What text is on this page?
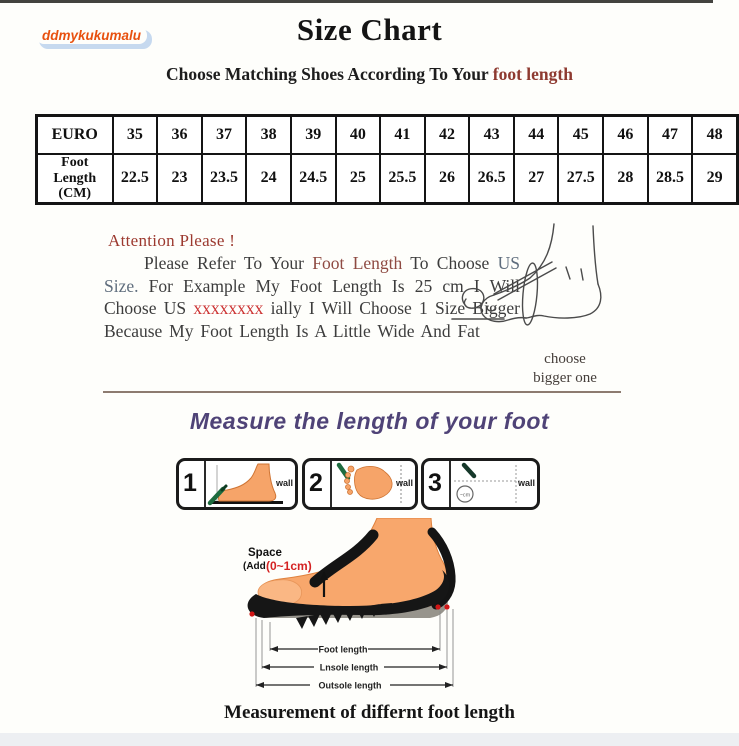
ddmykukumalu	Size Chart
Choose Matching Shoes According To Your foot length
EURO	35	36	37	38	39	40	41	42	43	44	45	46	47	48
Foot Length (CM)	22.5	23	23.5	24	24.5	25	25.5	26	26.5	27	27.5	28	28.5	29
Attention Please !
Please Refer To Your Foot Length To Choose US Size. For Example My Foot Length Is 25 cm I Will Choose US xxxxxxxx ially I Will Choose 1 Size Bigger Because My Foot Length Is A Little Wide And Fat
choose
bigger one
Measure the length of your foot
1	wall 2	wall 3	~cm
wall
Space
(Add (0~1cm)
Foot length
Lnsole length
Outsole length
Measurement of differnt foot length
